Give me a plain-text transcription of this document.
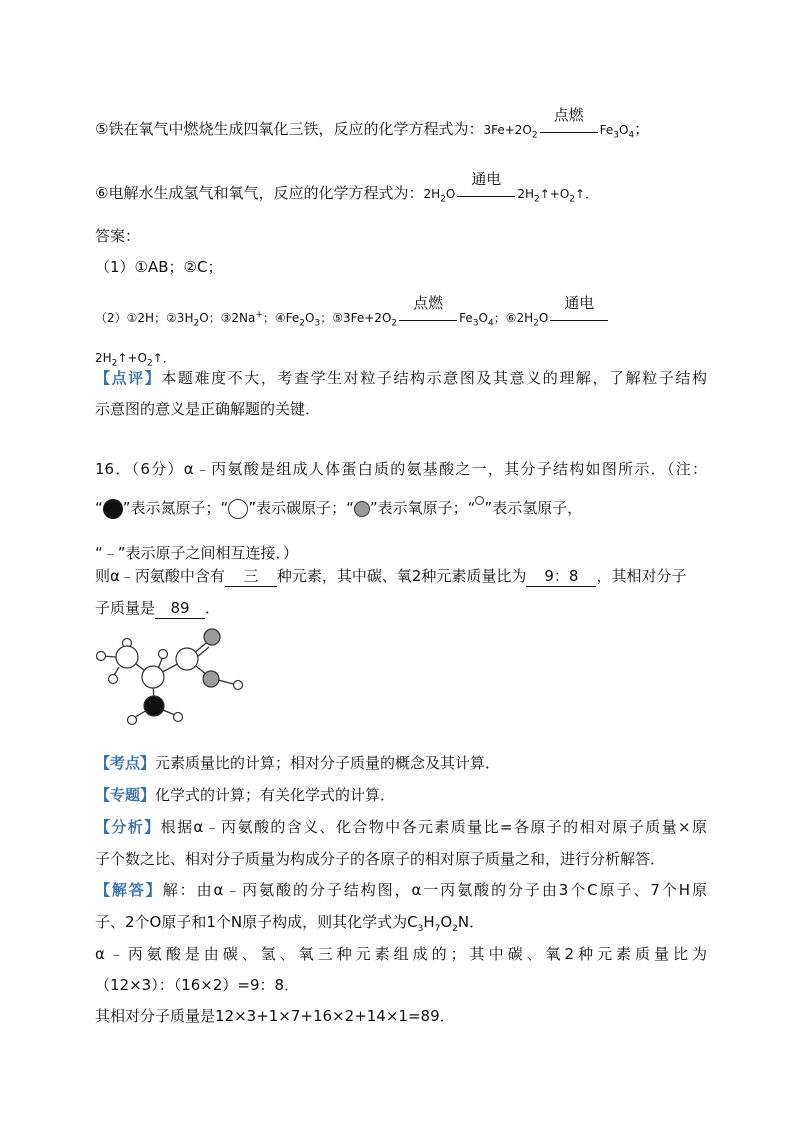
⑤铁在氧气中燃烧生成四氧化三铁，反应的化学方程式为：$3Fe+2O_2$
点燃
$Fe_3O_4$；
⑥电解水生成氢气和氧气，反应的化学方程式为：$2H_2O$
通电
$2H_2↑+O_2↑$．
答案：
（1）①AB；②C；
（2）①2H；$②3H_2O$；③2Na+；$④Fe_2O_3$；$⑤3Fe+2O_2$
点燃
$Fe_3O_4$；$⑥2H_2O$
通电
$2H_2↑+O_2↑$．
【点评】本题难度不大，考查学生对粒子结构示意图及其意义的理解，了解粒子结构
示意图的意义是正确解题的关键．
16．（6分）α﹣丙氨酸是组成人体蛋白质的氨基酸之一，其分子结构如图所示．（注：
“ ”表示氮原子；“ ”表示碳原子；“ ”表示氧原子；“ ”表示氢原子，
“﹣”表示原子之间相互连接．）
则α﹣丙氨酸中含有 三 种元素，其中碳、氧2种元素质量比为 9：8 ，其相对分子
子质量是 89 ．
【考点】元素质量比的计算；相对分子质量的概念及其计算．
【专题】化学式的计算；有关化学式的计算．
【分析】根据α﹣丙氨酸的含义、化合物中各元素质量比=各原子的相对原子质量×原
子个数之比、相对分子质量为构成分子的各原子的相对原子质量之和，进行分析解答．
【解答】解：由α﹣丙氨酸的分子结构图，α一丙氨酸的分子由3个C原子、7个H原
子、2个O原子和1个N原子构成，则其化学式为$C_3H_7O_2N$．
α﹣丙氨酸是由碳、氢、氧三种元素组成的；其中碳、氧2种元素质量比为
（12×3）：（16×2）=9：8．
其相对分子质量是12×3+1×7+16×2+14×1=89．
